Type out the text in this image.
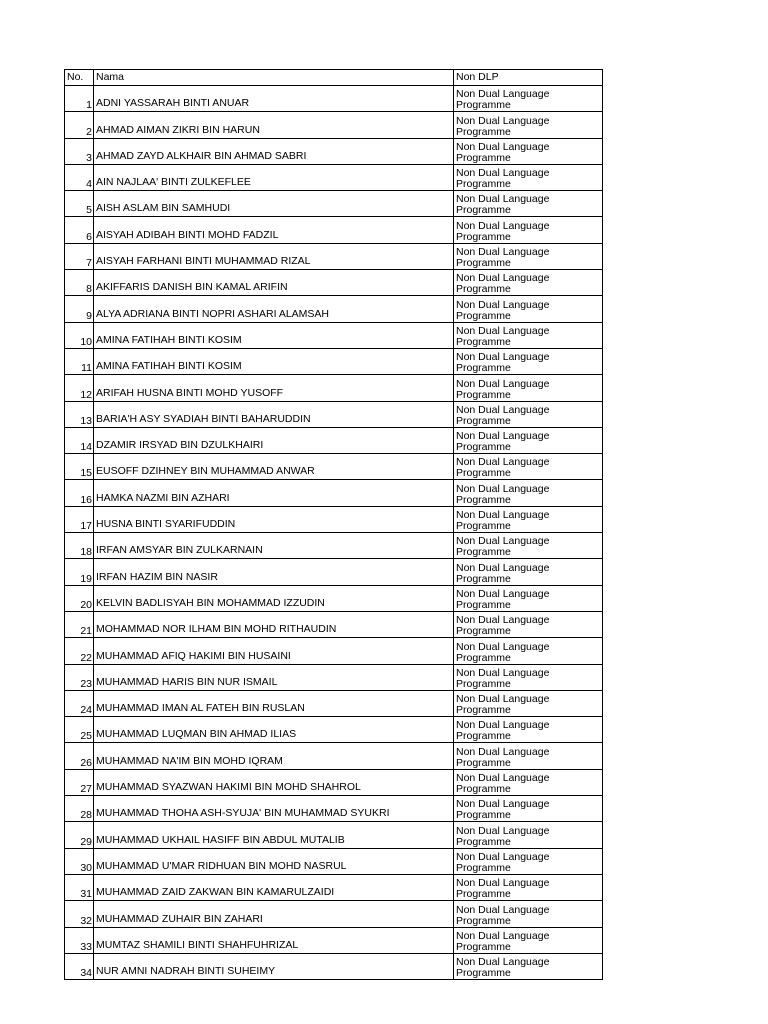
No.	Nama	Non DLP
1	ADNI YASSARAH BINTI ANUAR	Non Dual Language
Programme

2	AHMAD AIMAN ZIKRI BIN HARUN	Non Dual Language
Programme

3	AHMAD ZAYD ALKHAIR BIN AHMAD SABRI	Non Dual Language
Programme

4	AIN NAJLAA' BINTI ZULKEFLEE	Non Dual Language
Programme

5	AISH ASLAM BIN SAMHUDI	Non Dual Language
Programme

6	AISYAH ADIBAH BINTI MOHD FADZIL	Non Dual Language
Programme

7	AISYAH FARHANI BINTI MUHAMMAD RIZAL	Non Dual Language
Programme

8	AKIFFARIS DANISH BIN KAMAL ARIFIN	Non Dual Language
Programme

9	ALYA ADRIANA BINTI NOPRI ASHARI ALAMSAH	Non Dual Language
Programme

10	AMINA FATIHAH BINTI KOSIM	Non Dual Language
Programme

11	AMINA FATIHAH BINTI KOSIM	Non Dual Language
Programme

12	ARIFAH HUSNA BINTI MOHD YUSOFF	Non Dual Language
Programme

13	BARIA'H ASY SYADIAH BINTI BAHARUDDIN	Non Dual Language
Programme

14	DZAMIR IRSYAD BIN DZULKHAIRI	Non Dual Language
Programme

15	EUSOFF DZIHNEY BIN MUHAMMAD ANWAR	Non Dual Language
Programme

16	HAMKA NAZMI BIN AZHARI	Non Dual Language
Programme

17	HUSNA BINTI SYARIFUDDIN	Non Dual Language
Programme

18	IRFAN AMSYAR BIN ZULKARNAIN	Non Dual Language
Programme

19	IRFAN HAZIM BIN NASIR	Non Dual Language
Programme

20	KELVIN BADLISYAH BIN MOHAMMAD IZZUDIN	Non Dual Language
Programme

21	MOHAMMAD NOR ILHAM BIN MOHD RITHAUDIN	Non Dual Language
Programme

22	MUHAMMAD AFIQ HAKIMI BIN HUSAINI	Non Dual Language
Programme

23	MUHAMMAD HARIS BIN NUR ISMAIL	Non Dual Language
Programme

24	MUHAMMAD IMAN AL FATEH BIN RUSLAN	Non Dual Language
Programme

25	MUHAMMAD LUQMAN BIN AHMAD ILIAS	Non Dual Language
Programme

26	MUHAMMAD NA'IM BIN MOHD IQRAM	Non Dual Language
Programme

27	MUHAMMAD SYAZWAN HAKIMI BIN MOHD SHAHROL	Non Dual Language
Programme

28	MUHAMMAD THOHA ASH-SYUJA' BIN MUHAMMAD SYUKRI	Non Dual Language
Programme

29	MUHAMMAD UKHAIL HASIFF BIN ABDUL MUTALIB	Non Dual Language
Programme

30	MUHAMMAD U'MAR RIDHUAN BIN MOHD NASRUL	Non Dual Language
Programme

31	MUHAMMAD ZAID ZAKWAN BIN KAMARULZAIDI	Non Dual Language
Programme

32	MUHAMMAD ZUHAIR BIN ZAHARI	Non Dual Language
Programme

33	MUMTAZ SHAMILI BINTI SHAHFUHRIZAL	Non Dual Language
Programme

34	NUR AMNI NADRAH BINTI SUHEIMY	Non Dual Language
Programme
